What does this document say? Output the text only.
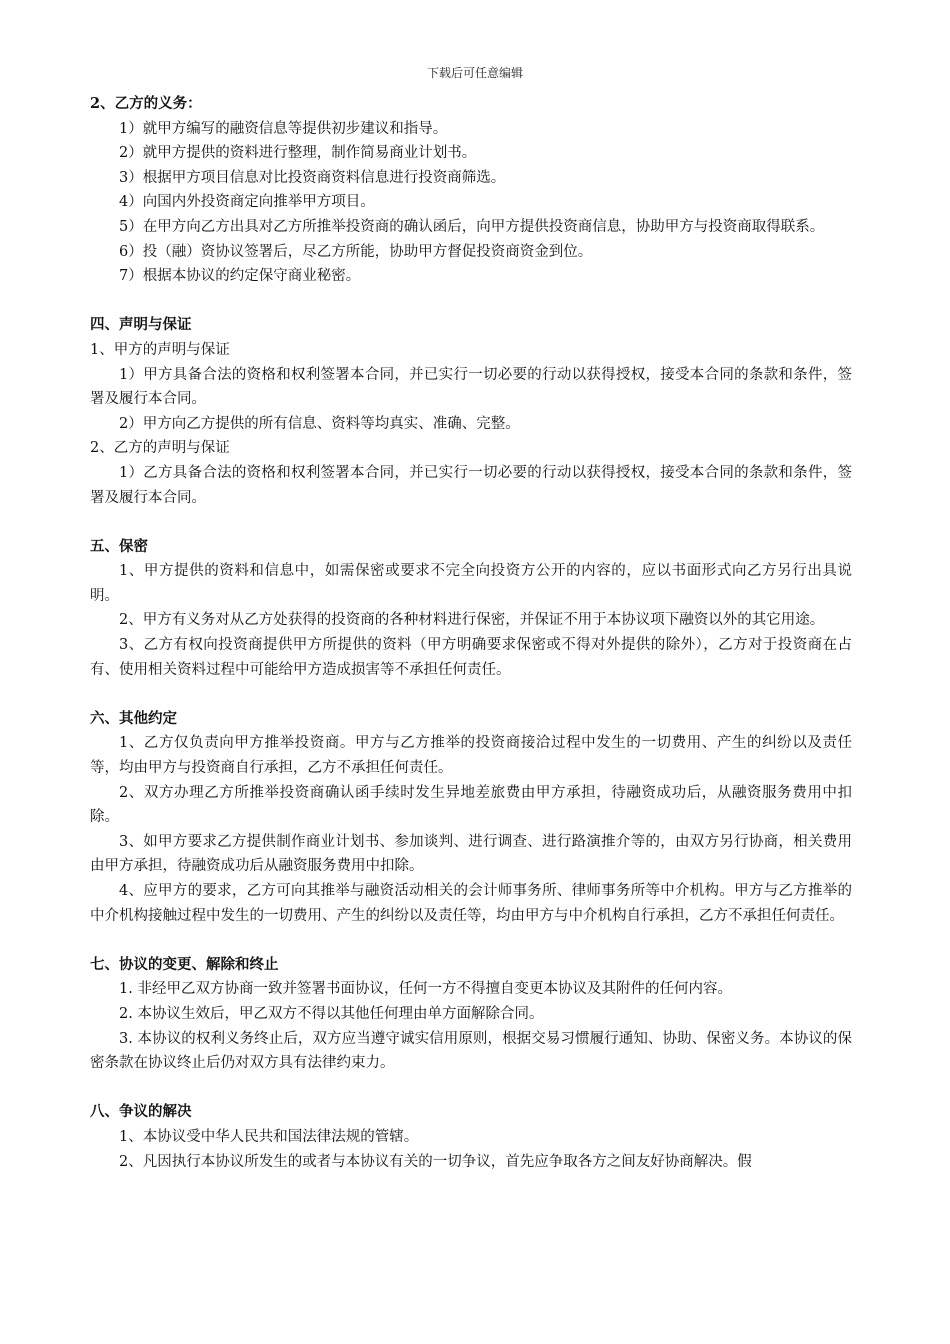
下载后可任意编辑

2、乙方的义务：

1）就甲方编写的融资信息等提供初步建议和指导。

2）就甲方提供的资料进行整理，制作简易商业计划书。

3）根据甲方项目信息对比投资商资料信息进行投资商筛选。

4）向国内外投资商定向推举甲方项目。

5）在甲方向乙方出具对乙方所推举投资商的确认函后，向甲方提供投资商信息，协助甲方与投资商取得联系。

6）投（融）资协议签署后，尽乙方所能，协助甲方督促投资商资金到位。

7）根据本协议的约定保守商业秘密。

四、声明与保证

1、甲方的声明与保证

1）甲方具备合法的资格和权利签署本合同，并已实行一切必要的行动以获得授权，接受本合同的条款和条件，签署及履行本合同。

2）甲方向乙方提供的所有信息、资料等均真实、准确、完整。

2、乙方的声明与保证

1）乙方具备合法的资格和权利签署本合同，并已实行一切必要的行动以获得授权，接受本合同的条款和条件，签署及履行本合同。

五、保密

1、甲方提供的资料和信息中，如需保密或要求不完全向投资方公开的内容的，应以书面形式向乙方另行出具说明。

2、甲方有义务对从乙方处获得的投资商的各种材料进行保密，并保证不用于本协议项下融资以外的其它用途。

3、乙方有权向投资商提供甲方所提供的资料（甲方明确要求保密或不得对外提供的除外），乙方对于投资商在占有、使用相关资料过程中可能给甲方造成损害等不承担任何责任。

六、其他约定

1、乙方仅负责向甲方推举投资商。甲方与乙方推举的投资商接洽过程中发生的一切费用、产生的纠纷以及责任等，均由甲方与投资商自行承担，乙方不承担任何责任。

2、双方办理乙方所推举投资商确认函手续时发生异地差旅费由甲方承担，待融资成功后，从融资服务费用中扣除。

3、如甲方要求乙方提供制作商业计划书、参加谈判、进行调查、进行路演推介等的，由双方另行协商，相关费用由甲方承担，待融资成功后从融资服务费用中扣除。

4、应甲方的要求，乙方可向其推举与融资活动相关的会计师事务所、律师事务所等中介机构。甲方与乙方推举的中介机构接触过程中发生的一切费用、产生的纠纷以及责任等，均由甲方与中介机构自行承担，乙方不承担任何责任。

七、协议的变更、解除和终止

1. 非经甲乙双方协商一致并签署书面协议，任何一方不得擅自变更本协议及其附件的任何内容。

2. 本协议生效后，甲乙双方不得以其他任何理由单方面解除合同。

3. 本协议的权利义务终止后，双方应当遵守诚实信用原则，根据交易习惯履行通知、协助、保密义务。本协议的保密条款在协议终止后仍对双方具有法律约束力。

八、争议的解决

1、本协议受中华人民共和国法律法规的管辖。

2、凡因执行本协议所发生的或者与本协议有关的一切争议，首先应争取各方之间友好协商解决。假
